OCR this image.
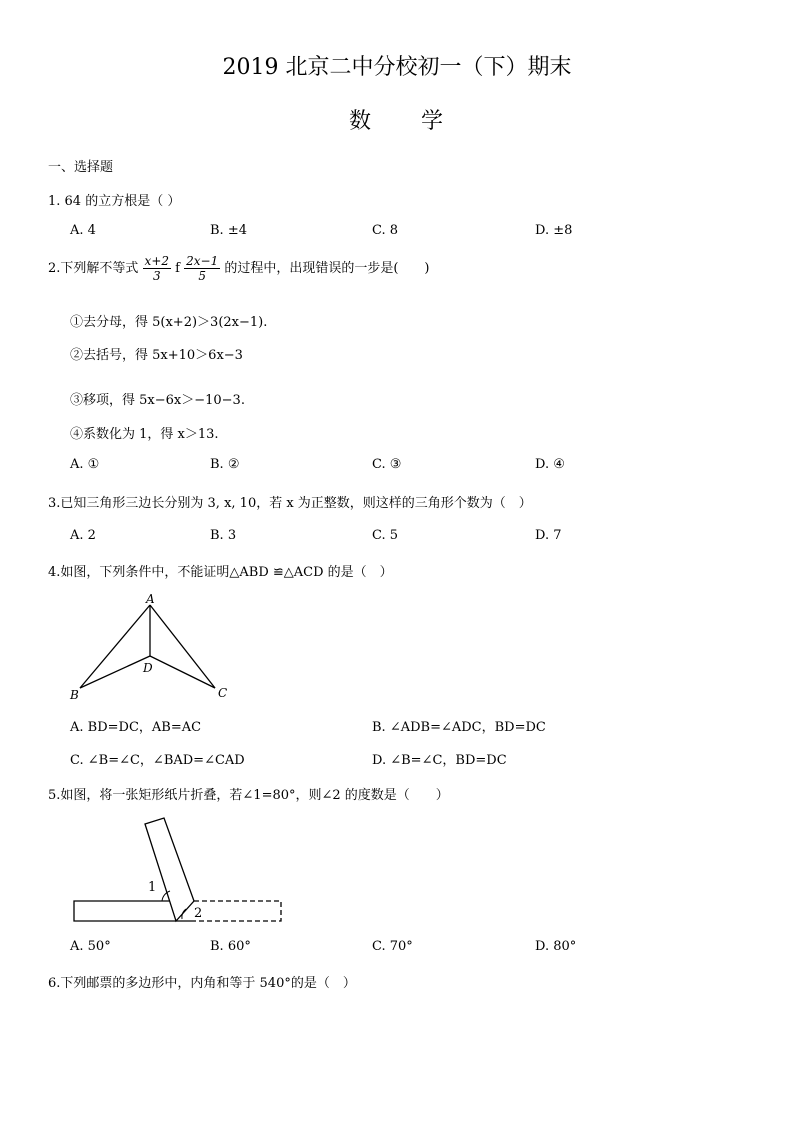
2019 北京二中分校初一（下）期末
数　　学
一、选择题
1. 64 的立方根是（ ）
A. 4	B. ±4	C. 8	D. ±8
2.下列解不等式 $\frac{x+2}{3}$ f $\frac{2x-1}{5}$ 的过程中，出现错误的一步是(　　)
①去分母，得 5(x+2)＞3(2x−1).
②去括号，得 5x+10＞6x−3
③移项，得 5x−6x＞−10−3.
④系数化为 1，得 x＞13.
A. ①	B. ②	C. ③	D. ④
3.已知三角形三边长分别为 3, x, 10，若 x 为正整数，则这样的三角形个数为（　）
A. 2	B. 3	C. 5	D. 7
4.如图，下列条件中，不能证明△ABD ≌△ACD 的是（　）
A
D
B	C
A. BD=DC，AB=AC	B. ∠ADB=∠ADC，BD=DC
C. ∠B=∠C，∠BAD=∠CAD	D. ∠B=∠C，BD=DC
5.如图，将一张矩形纸片折叠，若∠1=80°，则∠2 的度数是（　　）
1
2
A. 50°	B. 60°	C. 70°	D. 80°
6.下列邮票的多边形中，内角和等于 540°的是（　）
